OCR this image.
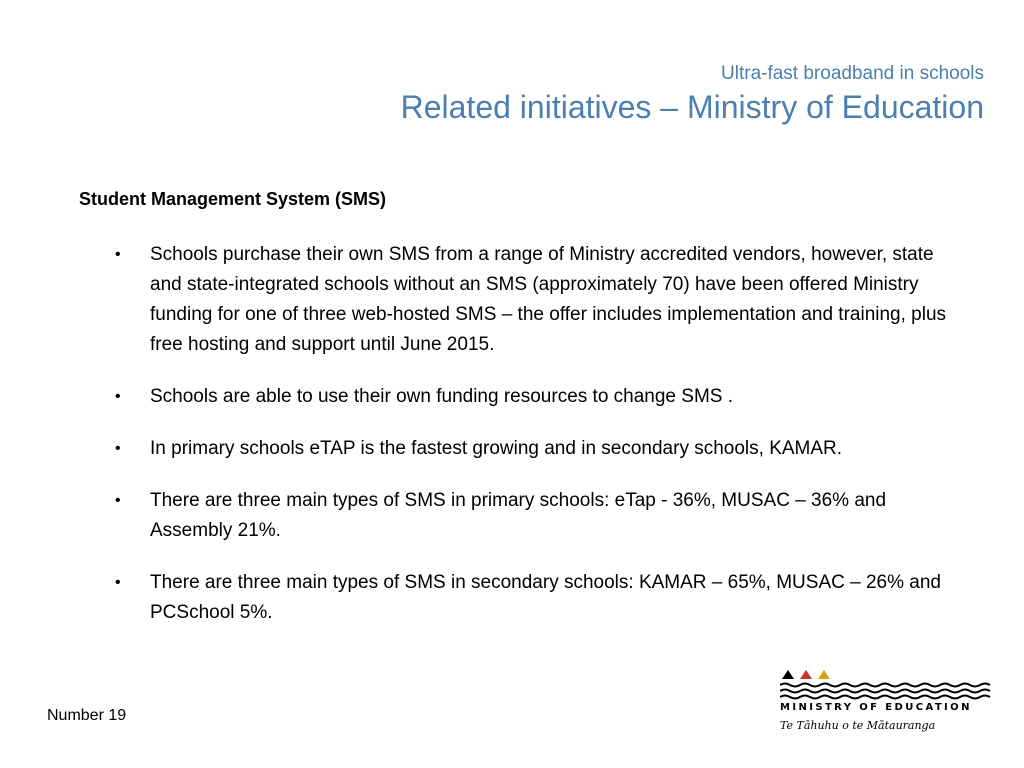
Ultra-fast broadband in schools
Related initiatives – Ministry of Education
Student Management System (SMS)
• Schools purchase their own SMS from a range of Ministry accredited vendors, however, state and state-integrated schools without an SMS (approximately 70) have been offered Ministry funding for one of three web-hosted SMS – the offer includes implementation and training, plus free hosting and support until June 2015.
• Schools are able to use their own funding resources to change SMS .
• In primary schools eTAP is the fastest growing and in secondary schools, KAMAR.
• There are three main types of SMS in primary schools: eTap - 36%, MUSAC – 36% and Assembly 21%.
• There are three main types of SMS in secondary schools: KAMAR – 65%, MUSAC – 26% and PCSchool 5%.
Number 19	MINISTRY OF EDUCATION
Te Tāhuhu o te Mātauranga
